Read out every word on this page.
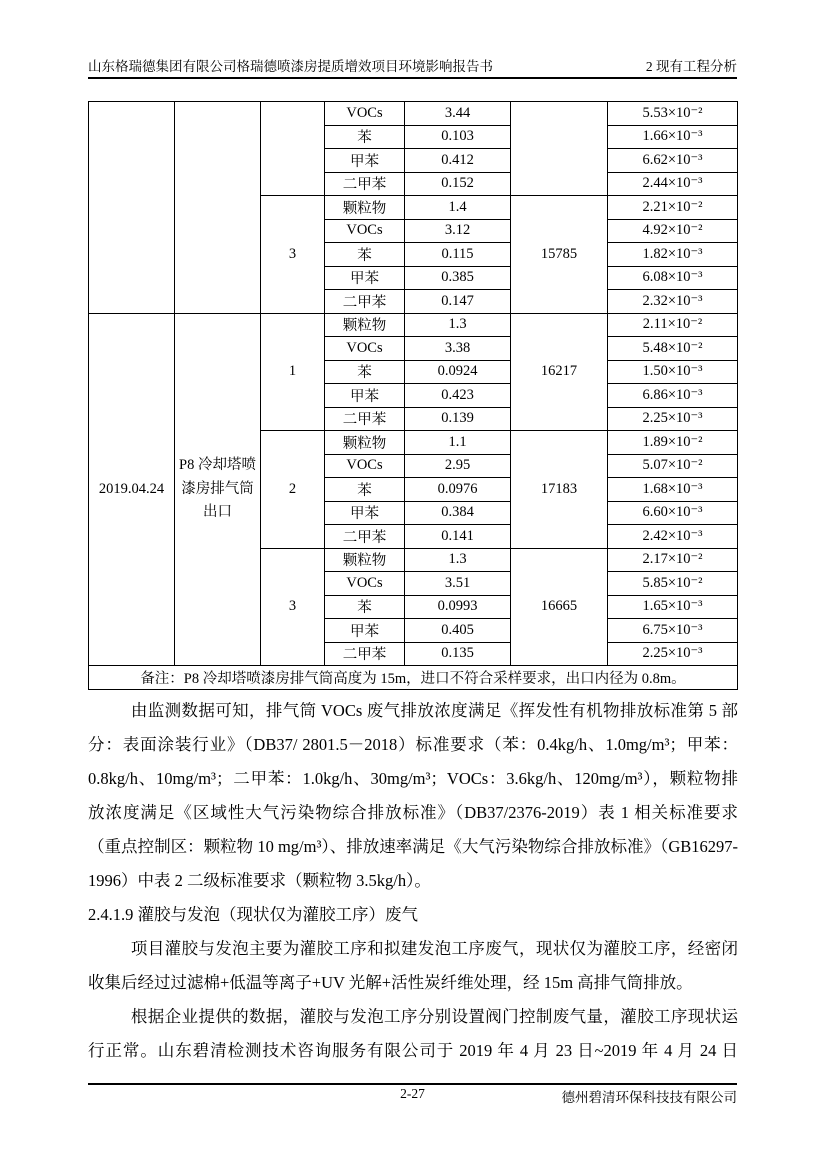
山东格瑞德集团有限公司格瑞德喷漆房提质增效项目环境影响报告书	2 现有工程分析
			VOCs	3.44		5.53×10⁻²
			苯	0.103		1.66×10⁻³
			甲苯	0.412		6.62×10⁻³
			二甲苯	0.152		2.44×10⁻³
		3	颗粒物	1.4	15785	2.21×10⁻²
			VOCs	3.12		4.92×10⁻²
			苯	0.115		1.82×10⁻³
			甲苯	0.385		6.08×10⁻³
			二甲苯	0.147		2.32×10⁻³
2019.04.24	P8 冷却塔喷漆房排气筒出口	1	颗粒物	1.3	16217	2.11×10⁻²
			VOCs	3.38		5.48×10⁻²
			苯	0.0924		1.50×10⁻³
			甲苯	0.423		6.86×10⁻³
			二甲苯	0.139		2.25×10⁻³
		2	颗粒物	1.1	17183	1.89×10⁻²
			VOCs	2.95		5.07×10⁻²
			苯	0.0976		1.68×10⁻³
			甲苯	0.384		6.60×10⁻³
			二甲苯	0.141		2.42×10⁻³
		3	颗粒物	1.3	16665	2.17×10⁻²
			VOCs	3.51		5.85×10⁻²
			苯	0.0993		1.65×10⁻³
			甲苯	0.405		6.75×10⁻³
			二甲苯	0.135		2.25×10⁻³
备注：P8 冷却塔喷漆房排气筒高度为 15m，进口不符合采样要求，出口内径为 0.8m。						

由监测数据可知，排气筒 VOCs 废气排放浓度满足《挥发性有机物排放标准第 5 部分：表面涂装行业》（DB37/ 2801.5－2018）标准要求（苯：0.4kg/h、1.0mg/m³；甲苯：0.8kg/h、10mg/m³；二甲苯：1.0kg/h、30mg/m³；VOCs：3.6kg/h、120mg/m³），颗粒物排放浓度满足《区域性大气污染物综合排放标准》（DB37/2376-2019）表 1 相关标准要求（重点控制区：颗粒物 10 mg/m³）、排放速率满足《大气污染物综合排放标准》（GB16297-1996）中表 2 二级标准要求（颗粒物 3.5kg/h）。

2.4.1.9 灌胶与发泡（现状仅为灌胶工序）废气

项目灌胶与发泡主要为灌胶工序和拟建发泡工序废气，现状仅为灌胶工序，经密闭收集后经过过滤棉+低温等离子+UV 光解+活性炭纤维处理，经 15m 高排气筒排放。

根据企业提供的数据，灌胶与发泡工序分别设置阀门控制废气量，灌胶工序现状运行正常。山东碧清检测技术咨询服务有限公司于 2019 年 4 月 23 日~2019 年 4 月 24 日

2-27	德州碧清环保科技技有限公司
